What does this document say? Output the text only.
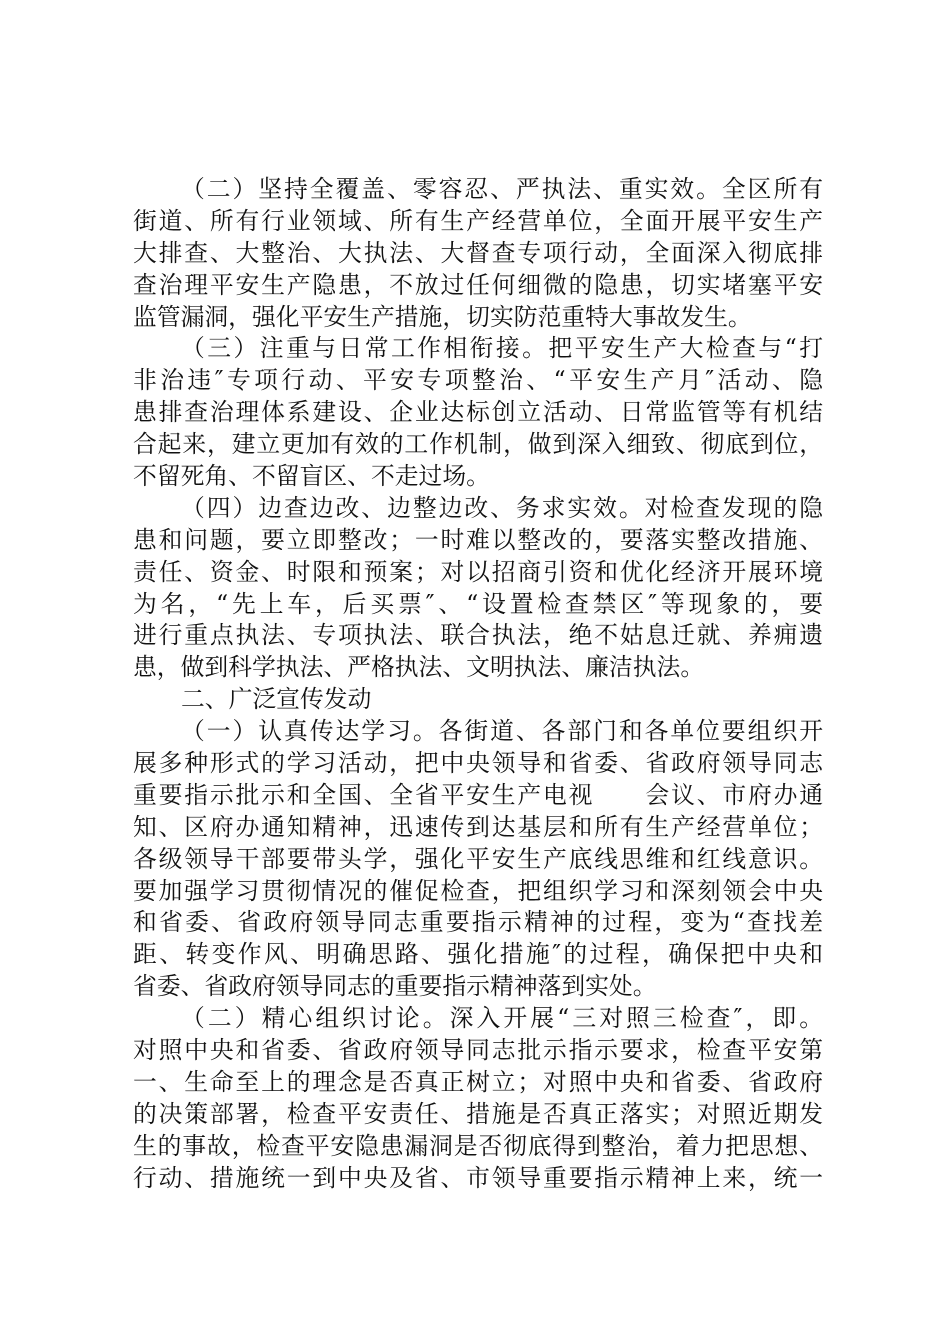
（二）坚持全覆盖、零容忍、严执法、重实效。全区所有
街道、所有行业领域、所有生产经营单位，全面开展平安生产
大排查、大整治、大执法、大督查专项行动，全面深入彻底排
查治理平安生产隐患，不放过任何细微的隐患，切实堵塞平安
监管漏洞，强化平安生产措施，切实防范重特大事故发生。
（三）注重与日常工作相衔接。把平安生产大检查与“打
非治违″专项行动、平安专项整治、“平安生产月″活动、隐
患排查治理体系建设、企业达标创立活动、日常监管等有机结
合起来，建立更加有效的工作机制，做到深入细致、彻底到位，
不留死角、不留盲区、不走过场。
（四）边查边改、边整边改、务求实效。对检查发现的隐
患和问题，要立即整改；一时难以整改的，要落实整改措施、
责任、资金、时限和预案；对以招商引资和优化经济开展环境
为名，“先上车，后买票″、“设置检查禁区″等现象的，要
进行重点执法、专项执法、联合执法，绝不姑息迁就、养痈遗
患，做到科学执法、严格执法、文明执法、廉洁执法。
二、广泛宣传发动
（一）认真传达学习。各街道、各部门和各单位要组织开
展多种形式的学习活动，把中央领导和省委、省政府领导同志
重要指示批示和全国、全省平安生产电视　　会议、市府办通
知、区府办通知精神，迅速传到达基层和所有生产经营单位；
各级领导干部要带头学，强化平安生产底线思维和红线意识。
要加强学习贯彻情况的催促检查，把组织学习和深刻领会中央
和省委、省政府领导同志重要指示精神的过程，变为“查找差
距、转变作风、明确思路、强化措施″的过程，确保把中央和
省委、省政府领导同志的重要指示精神落到实处。
（二）精心组织讨论。深入开展“三对照三检查″，即。
对照中央和省委、省政府领导同志批示指示要求，检查平安第
一、生命至上的理念是否真正树立；对照中央和省委、省政府
的决策部署，检查平安责任、措施是否真正落实；对照近期发
生的事故，检查平安隐患漏洞是否彻底得到整治，着力把思想、
行动、措施统一到中央及省、市领导重要指示精神上来，统一
